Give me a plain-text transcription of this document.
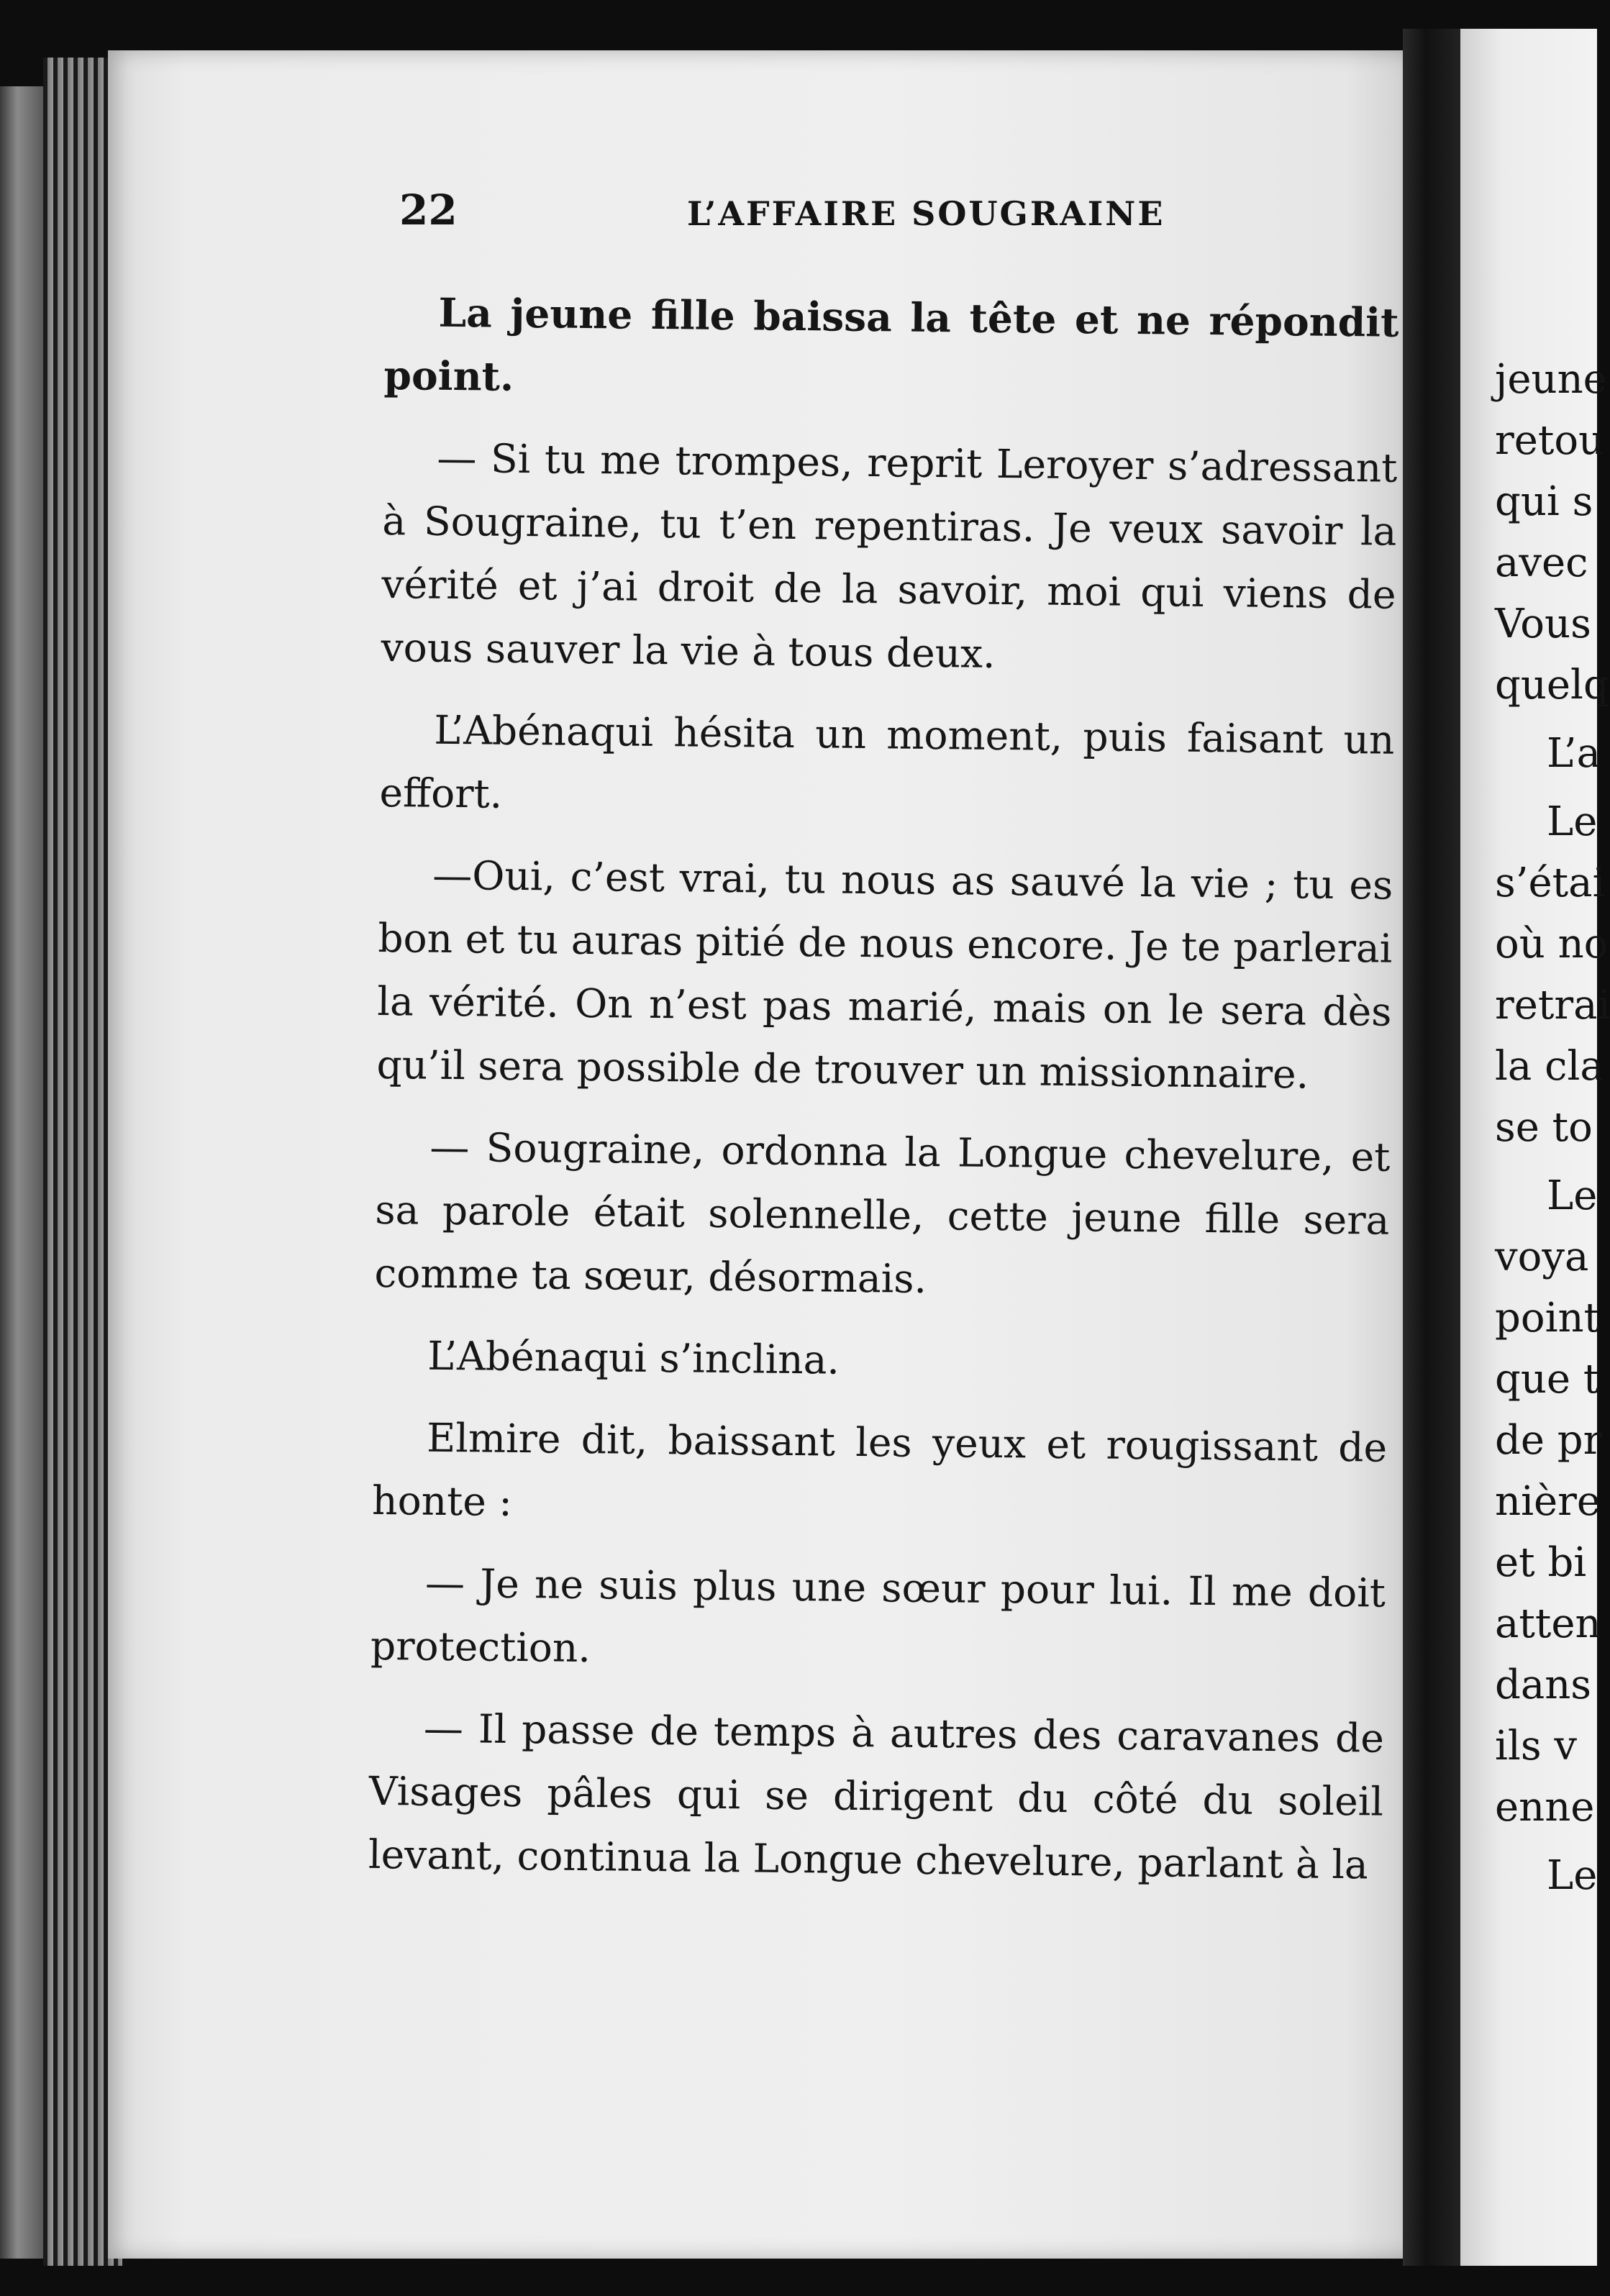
22	L’AFFAIRE SOUGRAINE

La jeune fille baissa la tête et ne répondit point.

— Si tu me trompes, reprit Leroyer s’adressant à Sougraine, tu t’en repentiras. Je veux savoir la vérité et j’ai droit de la savoir, moi qui viens de vous sauver la vie à tous deux.

L’Abénaqui hésita un moment, puis faisant un effort.

—Oui, c’est vrai, tu nous as sauvé la vie ; tu es bon et tu auras pitié de nous encore. Je te parlerai la vérité. On n’est pas marié, mais on le sera dès qu’il sera possible de trouver un missionnaire.

— Sougraine, ordonna la Longue chevelure, et sa parole était solennelle, cette jeune fille sera comme ta sœur, désormais.

L’Abénaqui s’inclina.

Elmire dit, baissant les yeux et rougissant de honte :

— Je ne suis plus une sœur pour lui. Il me doit protection.

— Il passe de temps à autres des caravanes de Visages pâles qui se dirigent du côté du soleil levant, continua la Longue chevelure, parlant à la

jeune
retou
qui s
avec
Vous
quelq
L’a
Le
s’étai
où no
retrai
la cla
se to
Le
voya
point
que t
de pr
nière
et bi
atten
dans
ils v
enne
Le
